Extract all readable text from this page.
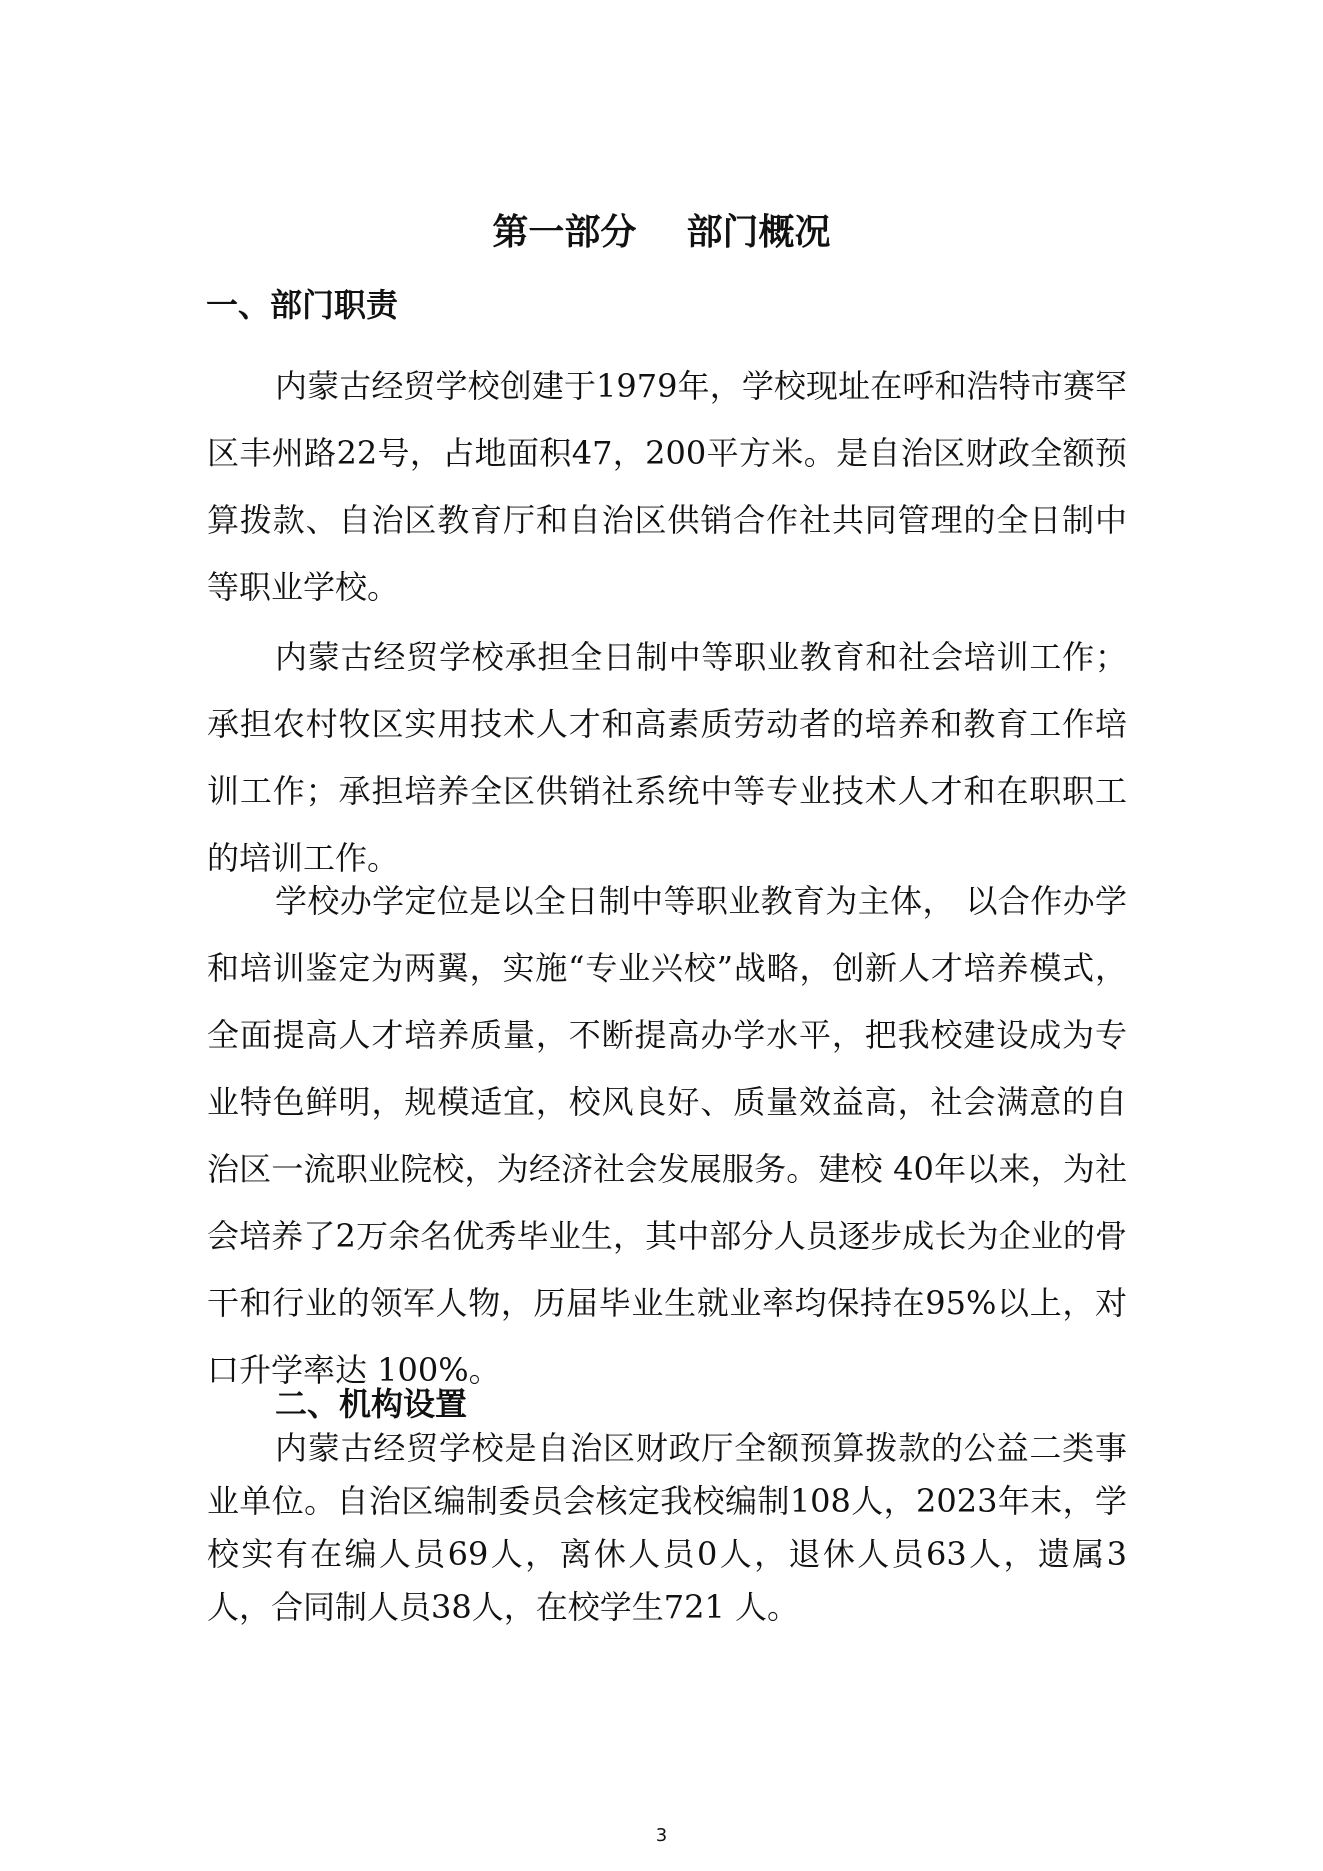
第一部分    部门概况
一、部门职责

内蒙古经贸学校创建于1979年，学校现址在呼和浩特市赛罕区丰州路22号，占地面积47，200平方米。是自治区财政全额预算拨款、自治区教育厅和自治区供销合作社共同管理的全日制中等职业学校。

内蒙古经贸学校承担全日制中等职业教育和社会培训工作；承担农村牧区实用技术人才和高素质劳动者的培养和教育工作培训工作；承担培养全区供销社系统中等专业技术人才和在职职工的培训工作。

学校办学定位是以全日制中等职业教育为主体， 以合作办学和培训鉴定为两翼，实施“专业兴校”战略，创新人才培养模式，全面提高人才培养质量，不断提高办学水平，把我校建设成为专业特色鲜明，规模适宜，校风良好、质量效益高，社会满意的自治区一流职业院校，为经济社会发展服务。建校 40年以来，为社会培养了2万余名优秀毕业生，其中部分人员逐步成长为企业的骨干和行业的领军人物，历届毕业生就业率均保持在95%以上，对口升学率达 100%。

二、机构设置

内蒙古经贸学校是自治区财政厅全额预算拨款的公益二类事业单位。自治区编制委员会核定我校编制108人，2023年末，学校实有在编人员69人，离休人员0人，退休人员63人，遗属3人，合同制人员38人，在校学生721 人。

3
